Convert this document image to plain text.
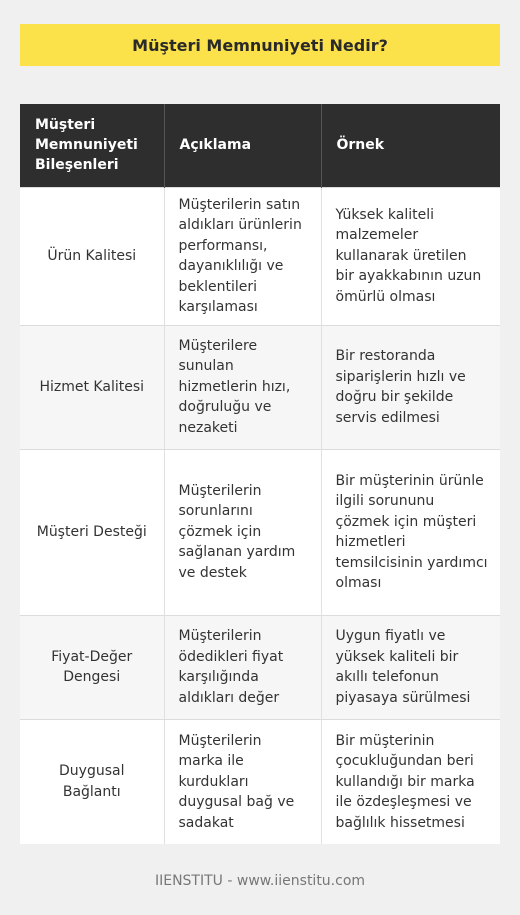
Müşteri Memnuniyeti Nedir?
Müşteri Memnuniyeti Bileşenleri	Açıklama	Örnek
Ürün Kalitesi	Müşterilerin satın aldıkları ürünlerin performansı, dayanıklılığı ve beklentileri karşılaması	Yüksek kaliteli malzemeler kullanarak üretilen bir ayakkabının uzun ömürlü olması
Hizmet Kalitesi	Müşterilere sunulan hizmetlerin hızı, doğruluğu ve nezaketi	Bir restoranda siparişlerin hızlı ve doğru bir şekilde servis edilmesi
Müşteri Desteği	Müşterilerin sorunlarını çözmek için sağlanan yardım ve destek	Bir müşterinin ürünle ilgili sorununu çözmek için müşteri hizmetleri temsilcisinin yardımcı olması
Fiyat-Değer Dengesi	Müşterilerin ödedikleri fiyat karşılığında aldıkları değer	Uygun fiyatlı ve yüksek kaliteli bir akıllı telefonun piyasaya sürülmesi
Duygusal Bağlantı	Müşterilerin marka ile kurdukları duygusal bağ ve sadakat	Bir müşterinin çocukluğundan beri kullandığı bir marka ile özdeşleşmesi ve bağlılık hissetmesi
IIENSTITU - www.iienstitu.com
